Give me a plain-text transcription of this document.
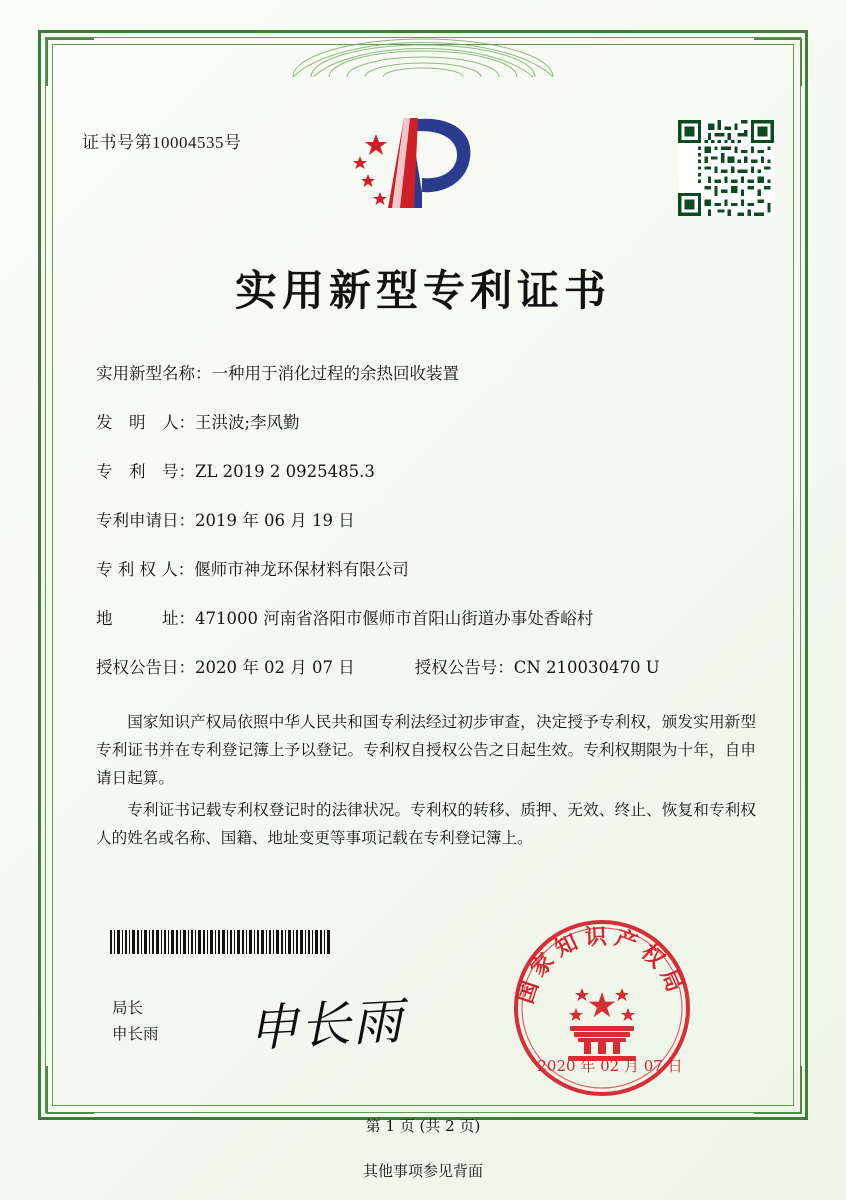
证书号第10004535号
实用新型专利证书
实用新型名称： 一种用于消化过程的余热回收装置
发　明　人： 王洪波;李风勤
专　利　号： ZL 2019 2 0925485.3
专利申请日： 2019 年 06 月 19 日
专 利 权 人： 偃师市神龙环保材料有限公司
地　　　址： 471000 河南省洛阳市偃师市首阳山街道办事处香峪村
授权公告日： 2020 年 02 月 07 日	授权公告号： CN 210030470 U

国家知识产权局依照中华人民共和国专利法经过初步审查，决定授予专利权，颁发实用新型专利证书并在专利登记簿上予以登记。专利权自授权公告之日起生效。专利权期限为十年，自申请日起算。

专利证书记载专利权登记时的法律状况。专利权的转移、质押、无效、终止、恢复和专利权人的姓名或名称、国籍、地址变更等事项记载在专利登记簿上。

局长
申长雨 申长雨
国家知识产权局
2020 年 02 月 07 日
第 1 页 (共 2 页)
其他事项参见背面
